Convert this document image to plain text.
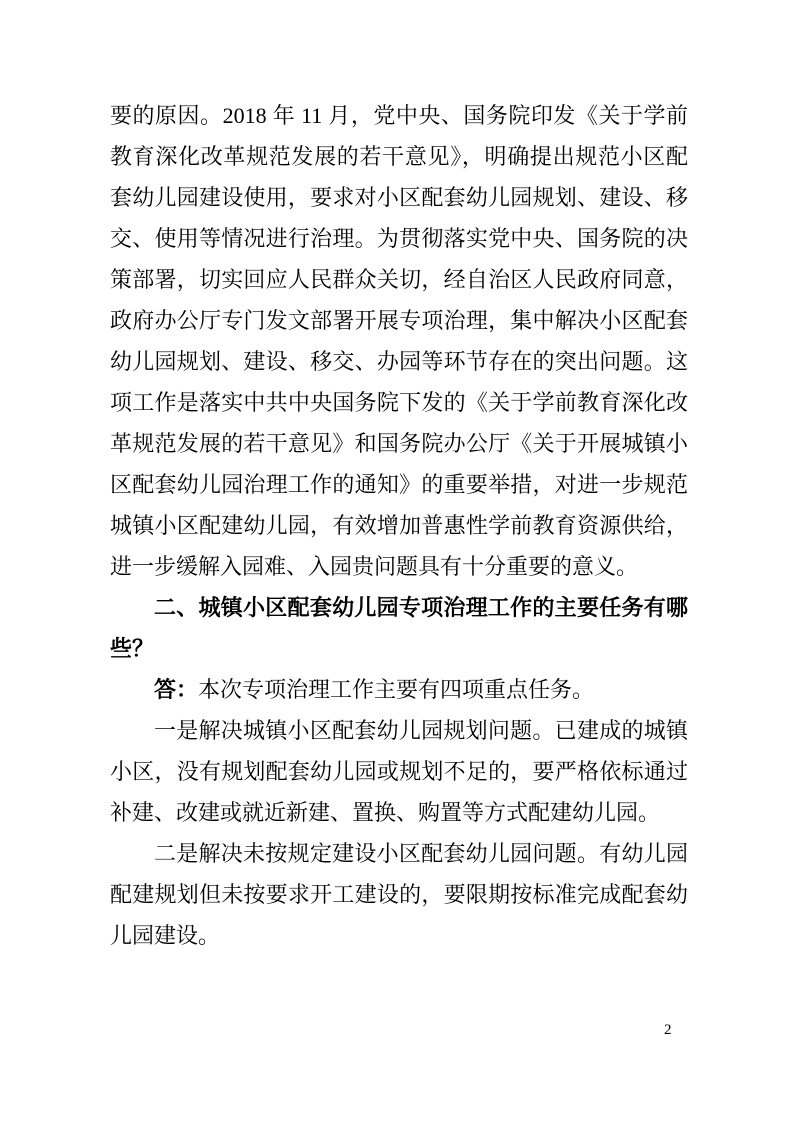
要的原因。2018 年 11 月，党中央、国务院印发《关于学前教育深化改革规范发展的若干意见》，明确提出规范小区配套幼儿园建设使用，要求对小区配套幼儿园规划、建设、移交、使用等情况进行治理。为贯彻落实党中央、国务院的决策部署，切实回应人民群众关切，经自治区人民政府同意，政府办公厅专门发文部署开展专项治理，集中解决小区配套幼儿园规划、建设、移交、办园等环节存在的突出问题。这项工作是落实中共中央国务院下发的《关于学前教育深化改革规范发展的若干意见》和国务院办公厅《关于开展城镇小区配套幼儿园治理工作的通知》的重要举措，对进一步规范城镇小区配建幼儿园，有效增加普惠性学前教育资源供给，进一步缓解入园难、入园贵问题具有十分重要的意义。

二、城镇小区配套幼儿园专项治理工作的主要任务有哪些？

答：本次专项治理工作主要有四项重点任务。

一是解决城镇小区配套幼儿园规划问题。已建成的城镇小区，没有规划配套幼儿园或规划不足的，要严格依标通过补建、改建或就近新建、置换、购置等方式配建幼儿园。

二是解决未按规定建设小区配套幼儿园问题。有幼儿园配建规划但未按要求开工建设的，要限期按标准完成配套幼儿园建设。

2
